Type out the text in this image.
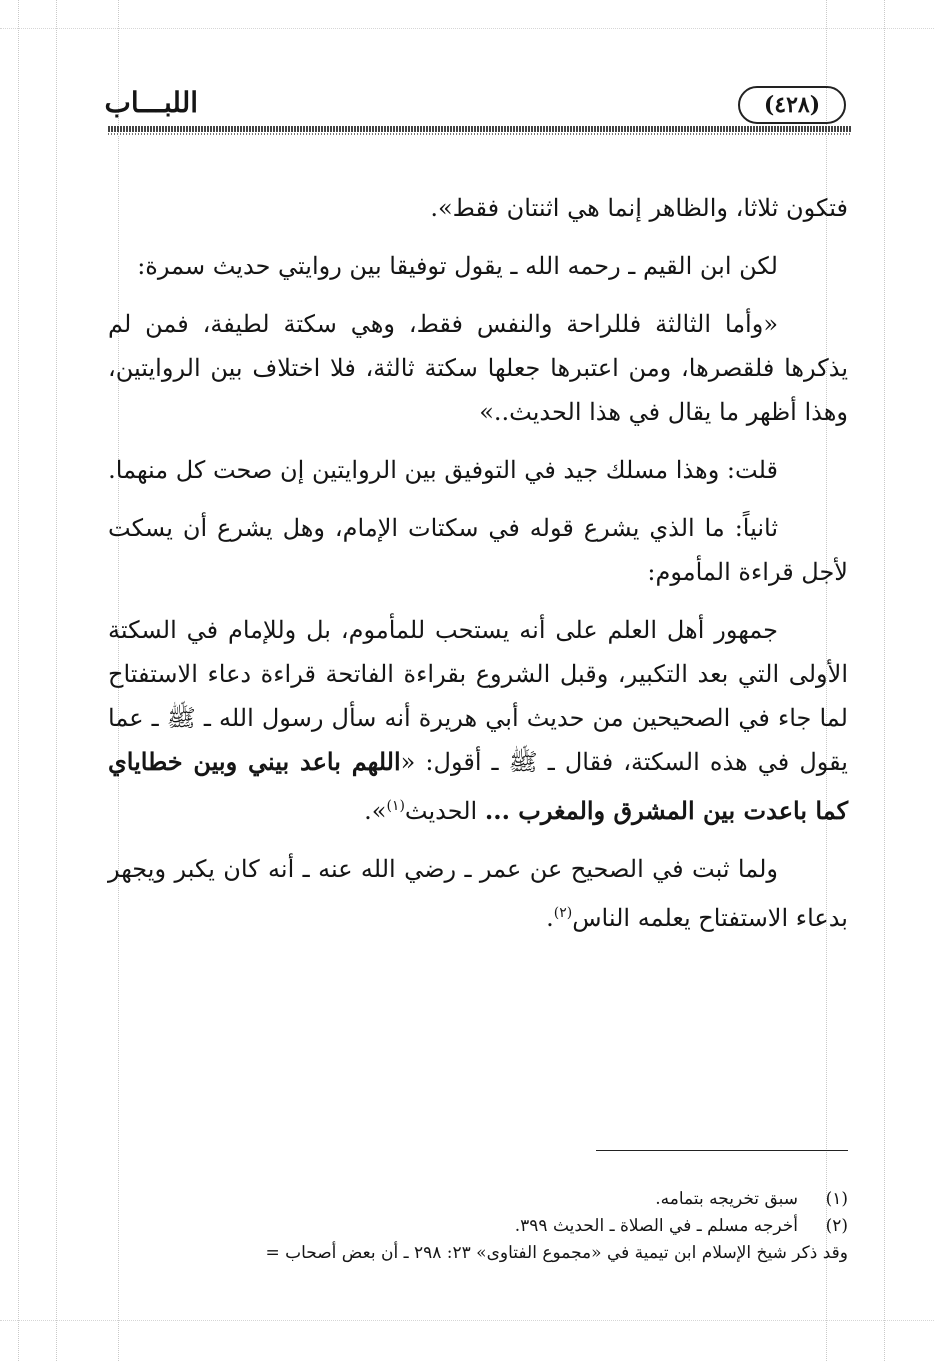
اللبـــاب	(٤٢٨)

فتكون ثلاثا، والظاهر إنما هي اثنتان فقط».

لكن ابن القيم ـ رحمه الله ـ يقول توفيقا بين روايتي حديث سمرة:

«وأما الثالثة فللراحة والنفس فقط، وهي سكتة لطيفة، فمن لم يذكرها فلقصرها، ومن اعتبرها جعلها سكتة ثالثة، فلا اختلاف بين الروايتين، وهذا أظهر ما يقال في هذا الحديث..»

قلت: وهذا مسلك جيد في التوفيق بين الروايتين إن صحت كل منهما.

ثانياً: ما الذي يشرع قوله في سكتات الإمام، وهل يشرع أن يسكت لأجل قراءة المأموم:

جمهور أهل العلم على أنه يستحب للمأموم، بل وللإمام في السكتة الأولى التي بعد التكبير، وقبل الشروع بقراءة الفاتحة قراءة دعاء الاستفتاح لما جاء في الصحيحين من حديث أبي هريرة أنه سأل رسول الله ـ ﷺ ـ عما يقول في هذه السكتة، فقال ـ ﷺ ـ أقول: «اللهم باعد بيني وبين خطاياي كما باعدت بين المشرق والمغرب ... الحديث$^{(١)}$».

ولما ثبت في الصحيح عن عمر ـ رضي الله عنه ـ أنه كان يكبر ويجهر بدعاء الاستفتاح يعلمه الناس$^{(٢)}$.

(١)سبق تخريجه بتمامه.

(٢)أخرجه مسلم ـ في الصلاة ـ الحديث ٣٩٩.

وقد ذكر شيخ الإسلام ابن تيمية في «مجموع الفتاوى» ٢٣: ٢٩٨ ـ أن بعض أصحاب =
